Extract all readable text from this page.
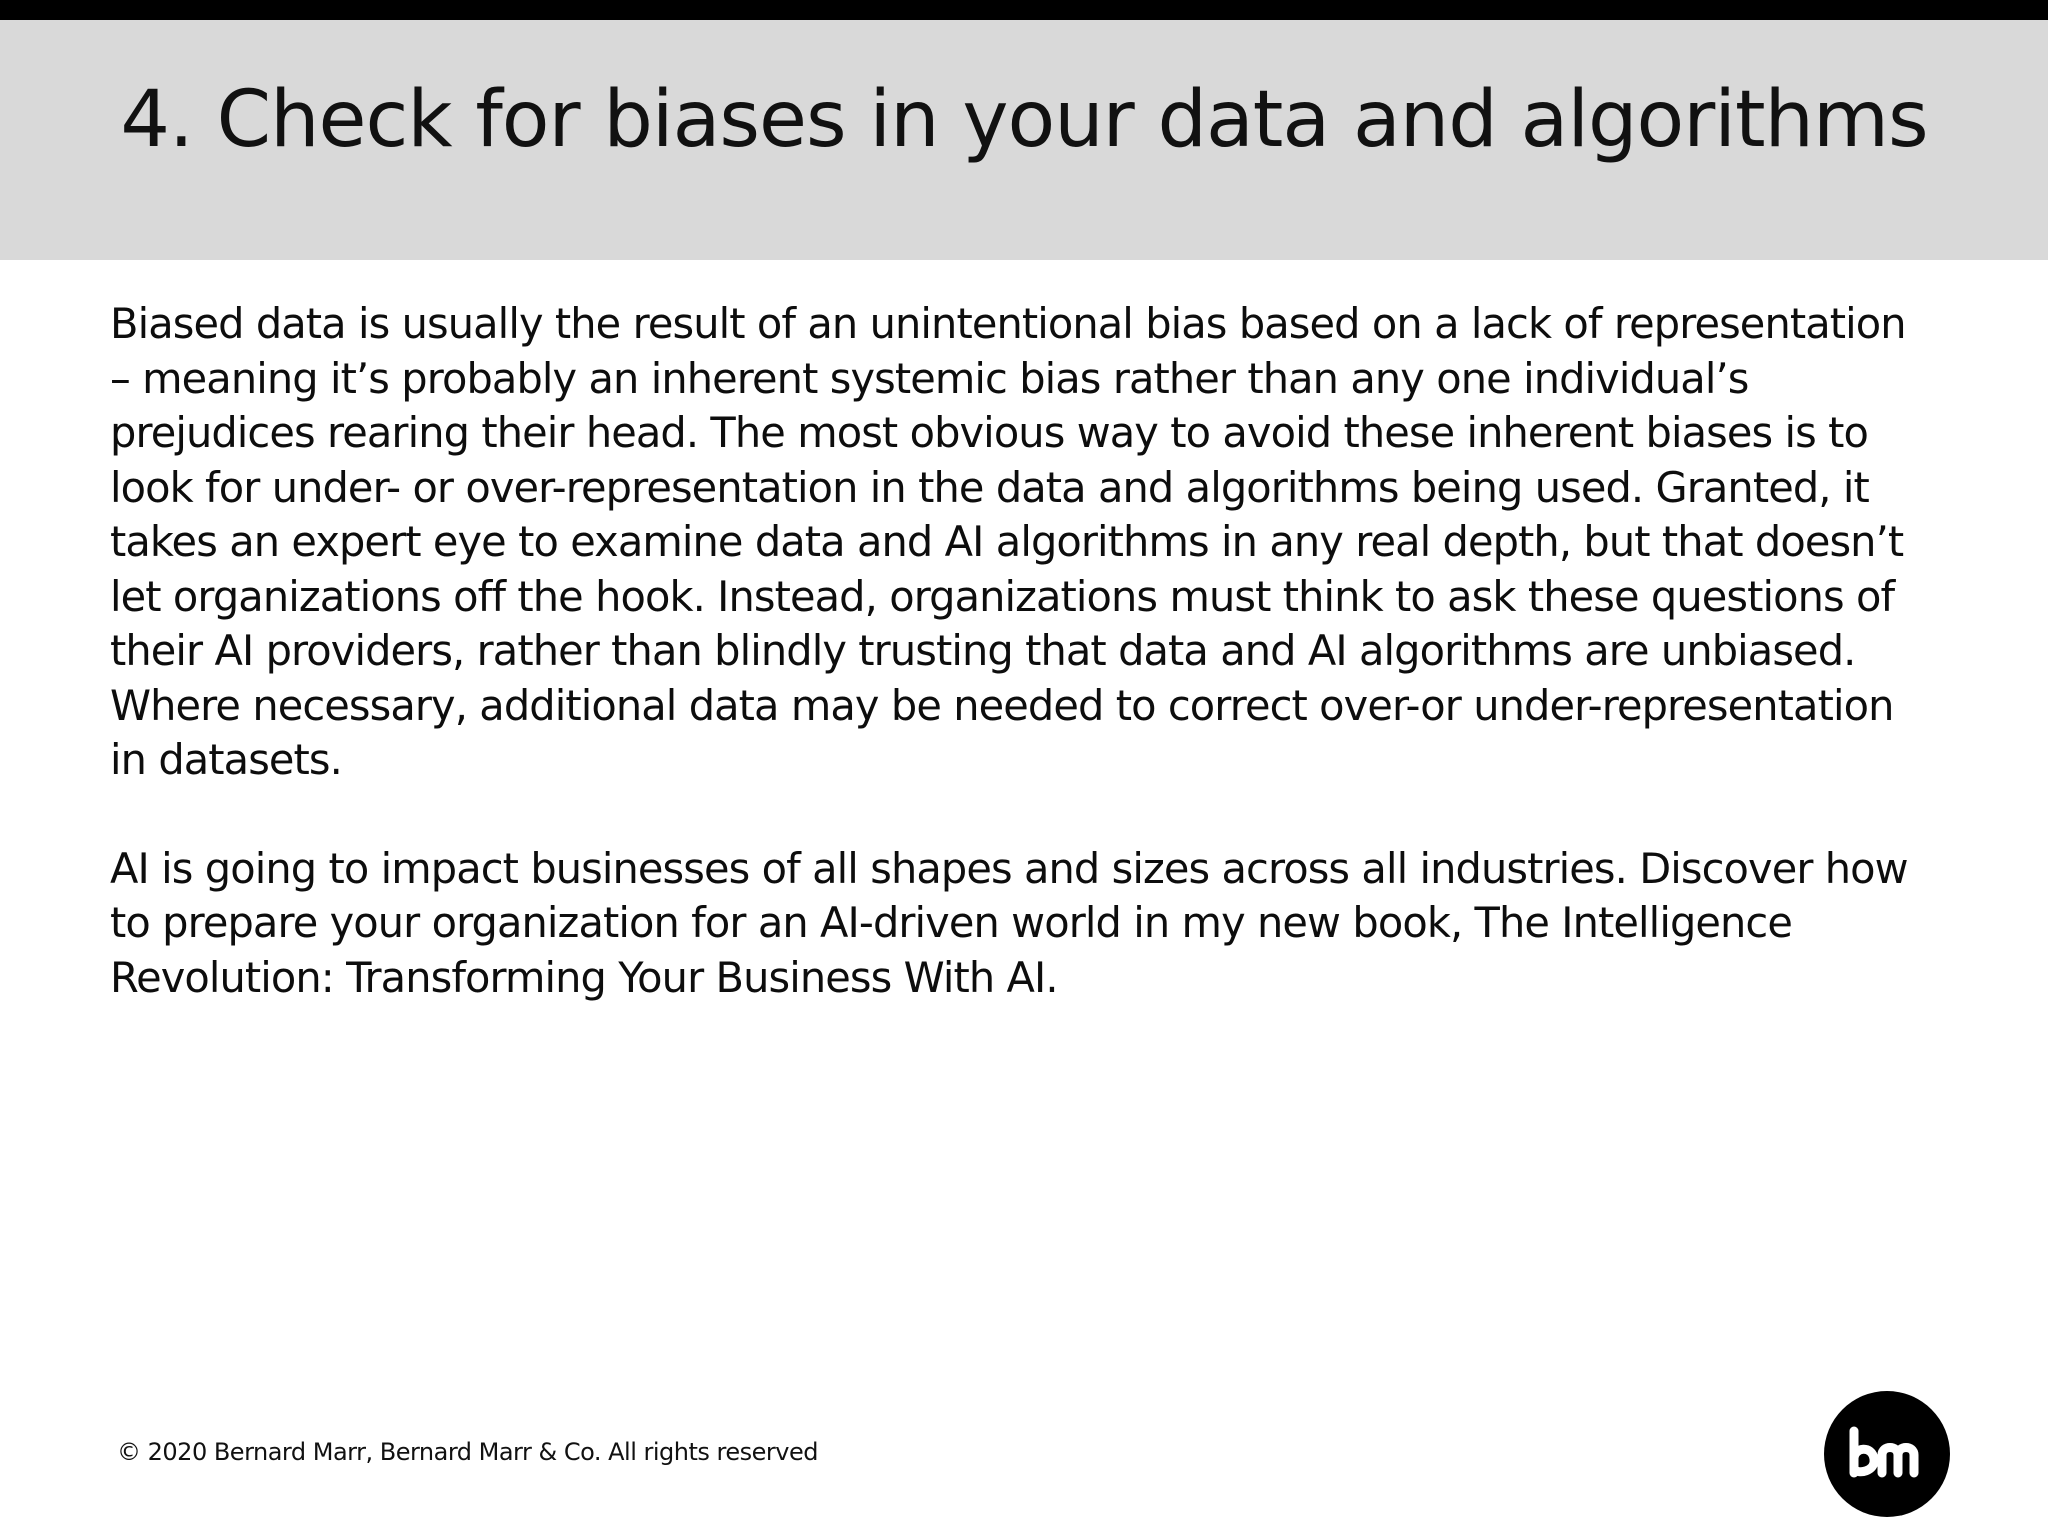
4. Check for biases in your data and algorithms

Biased data is usually the result of an unintentional bias based on a lack of representation – meaning it’s probably an inherent systemic bias rather than any one individual’s prejudices rearing their head. The most obvious way to avoid these inherent biases is to look for under- or over-representation in the data and algorithms being used. Granted, it takes an expert eye to examine data and AI algorithms in any real depth, but that doesn’t let organizations off the hook. Instead, organizations must think to ask these questions of their AI providers, rather than blindly trusting that data and AI algorithms are unbiased. Where necessary, additional data may be needed to correct over-or under-representation in datasets.

AI is going to impact businesses of all shapes and sizes across all industries. Discover how to prepare your organization for an AI-driven world in my new book, The Intelligence Revolution: Transforming Your Business With AI.

© 2020 Bernard Marr, Bernard Marr & Co. All rights reserved
